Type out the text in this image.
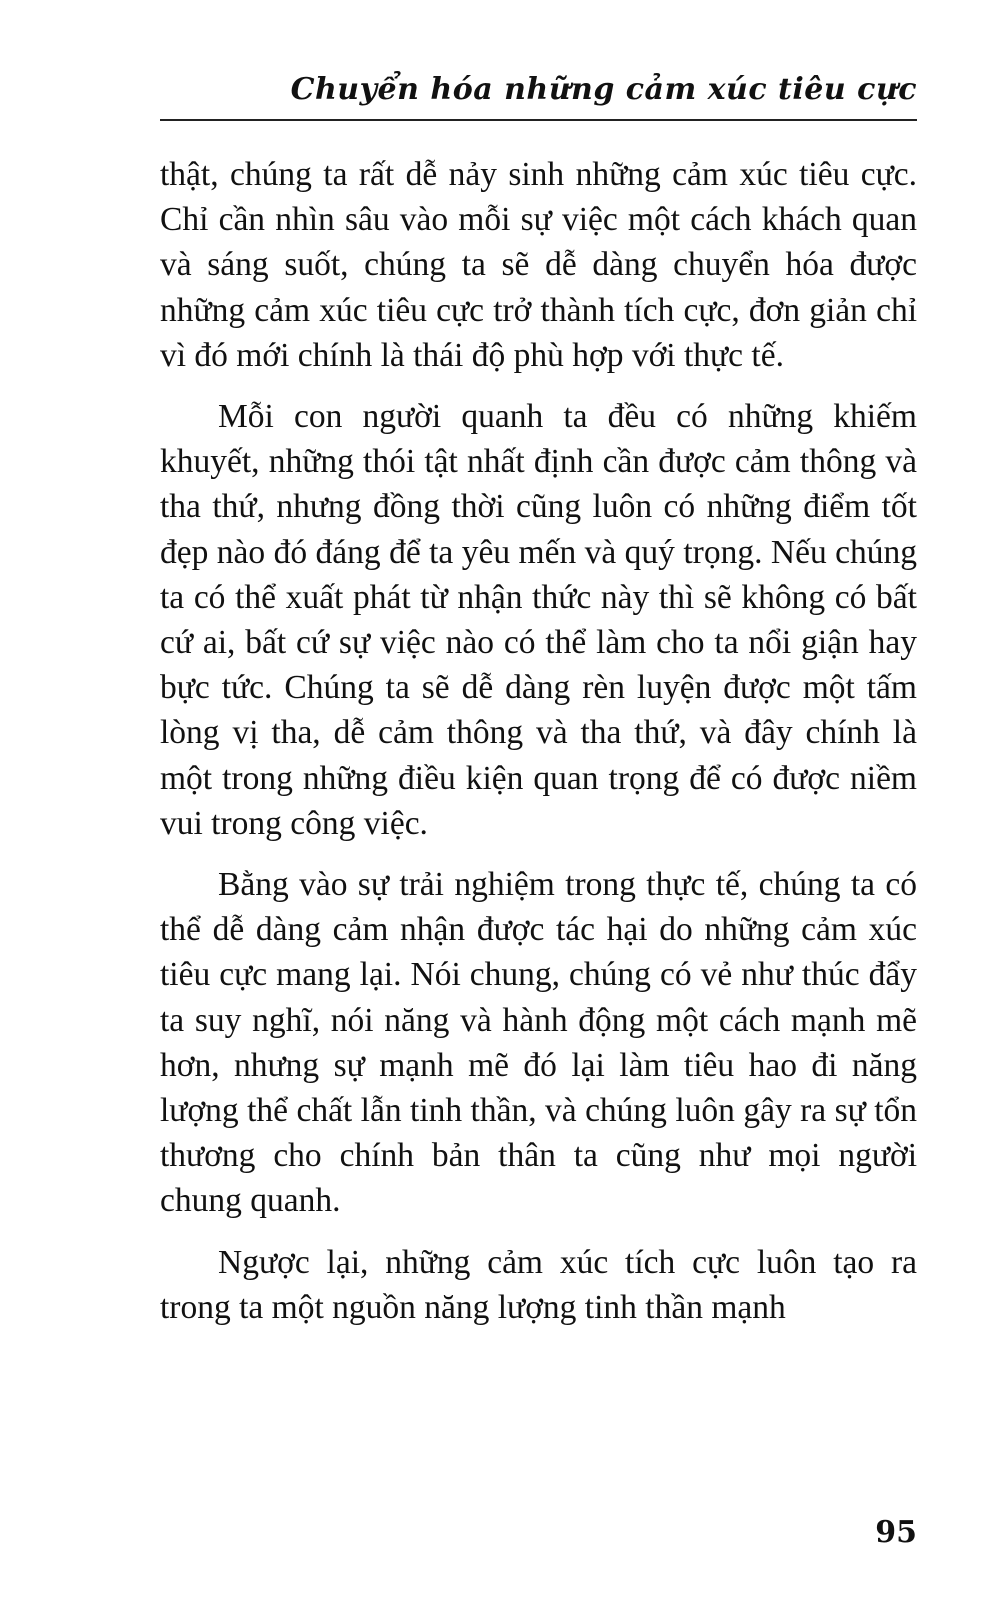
Chuyển hóa những cảm xúc tiêu cực

thật, chúng ta rất dễ nảy sinh những cảm xúc tiêu cực. Chỉ cần nhìn sâu vào mỗi sự việc một cách khách quan và sáng suốt, chúng ta sẽ dễ dàng chuyển hóa được những cảm xúc tiêu cực trở thành tích cực, đơn giản chỉ vì đó mới chính là thái độ phù hợp với thực tế.

Mỗi con người quanh ta đều có những khiếm khuyết, những thói tật nhất định cần được cảm thông và tha thứ, nhưng đồng thời cũng luôn có những điểm tốt đẹp nào đó đáng để ta yêu mến và quý trọng. Nếu chúng ta có thể xuất phát từ nhận thức này thì sẽ không có bất cứ ai, bất cứ sự việc nào có thể làm cho ta nổi giận hay bực tức. Chúng ta sẽ dễ dàng rèn luyện được một tấm lòng vị tha, dễ cảm thông và tha thứ, và đây chính là một trong những điều kiện quan trọng để có được niềm vui trong công việc.

Bằng vào sự trải nghiệm trong thực tế, chúng ta có thể dễ dàng cảm nhận được tác hại do những cảm xúc tiêu cực mang lại. Nói chung, chúng có vẻ như thúc đẩy ta suy nghĩ, nói năng và hành động một cách mạnh mẽ hơn, nhưng sự mạnh mẽ đó lại làm tiêu hao đi năng lượng thể chất lẫn tinh thần, và chúng luôn gây ra sự tổn thương cho chính bản thân ta cũng như mọi người chung quanh.

Ngược lại, những cảm xúc tích cực luôn tạo ra trong ta một nguồn năng lượng tinh thần mạnh

95
